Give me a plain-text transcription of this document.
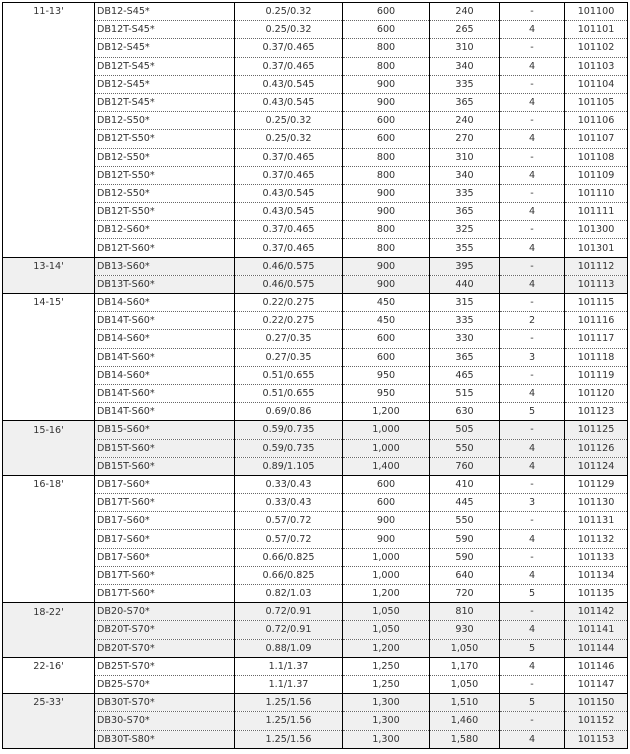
11-13'	DB12-S45*	0.25/0.32	600	240	-	101100
	DB12T-S45*	0.25/0.32	600	265	4	101101
	DB12-S45*	0.37/0.465	800	310	-	101102
	DB12T-S45*	0.37/0.465	800	340	4	101103
	DB12-S45*	0.43/0.545	900	335	-	101104
	DB12T-S45*	0.43/0.545	900	365	4	101105
	DB12-S50*	0.25/0.32	600	240	-	101106
	DB12T-S50*	0.25/0.32	600	270	4	101107
	DB12-S50*	0.37/0.465	800	310	-	101108
	DB12T-S50*	0.37/0.465	800	340	4	101109
	DB12-S50*	0.43/0.545	900	335	-	101110
	DB12T-S50*	0.43/0.545	900	365	4	101111
	DB12-S60*	0.37/0.465	800	325	-	101300
	DB12T-S60*	0.37/0.465	800	355	4	101301
13-14'	DB13-S60*	0.46/0.575	900	395	-	101112
	DB13T-S60*	0.46/0.575	900	440	4	101113
14-15'	DB14-S60*	0.22/0.275	450	315	-	101115
	DB14T-S60*	0.22/0.275	450	335	2	101116
	DB14-S60*	0.27/0.35	600	330	-	101117
	DB14T-S60*	0.27/0.35	600	365	3	101118
	DB14-S60*	0.51/0.655	950	465	-	101119
	DB14T-S60*	0.51/0.655	950	515	4	101120
	DB14T-S60*	0.69/0.86	1,200	630	5	101123
15-16'	DB15-S60*	0.59/0.735	1,000	505	-	101125
	DB15T-S60*	0.59/0.735	1,000	550	4	101126
	DB15T-S60*	0.89/1.105	1,400	760	4	101124
16-18'	DB17-S60*	0.33/0.43	600	410	-	101129
	DB17T-S60*	0.33/0.43	600	445	3	101130
	DB17-S60*	0.57/0.72	900	550	-	101131
	DB17-S60*	0.57/0.72	900	590	4	101132
	DB17-S60*	0.66/0.825	1,000	590	-	101133
	DB17T-S60*	0.66/0.825	1,000	640	4	101134
	DB17T-S60*	0.82/1.03	1,200	720	5	101135
18-22'	DB20-S70*	0.72/0.91	1,050	810	-	101142
	DB20T-S70*	0.72/0.91	1,050	930	4	101141
	DB20T-S70*	0.88/1.09	1,200	1,050	5	101144
22-16'	DB25T-S70*	1.1/1.37	1,250	1,170	4	101146
	DB25-S70*	1.1/1.37	1,250	1,050	-	101147
25-33'	DB30T-S70*	1.25/1.56	1,300	1,510	5	101150
	DB30-S70*	1.25/1.56	1,300	1,460	-	101152
	DB30T-S80*	1.25/1.56	1,300	1,580	4	101153
